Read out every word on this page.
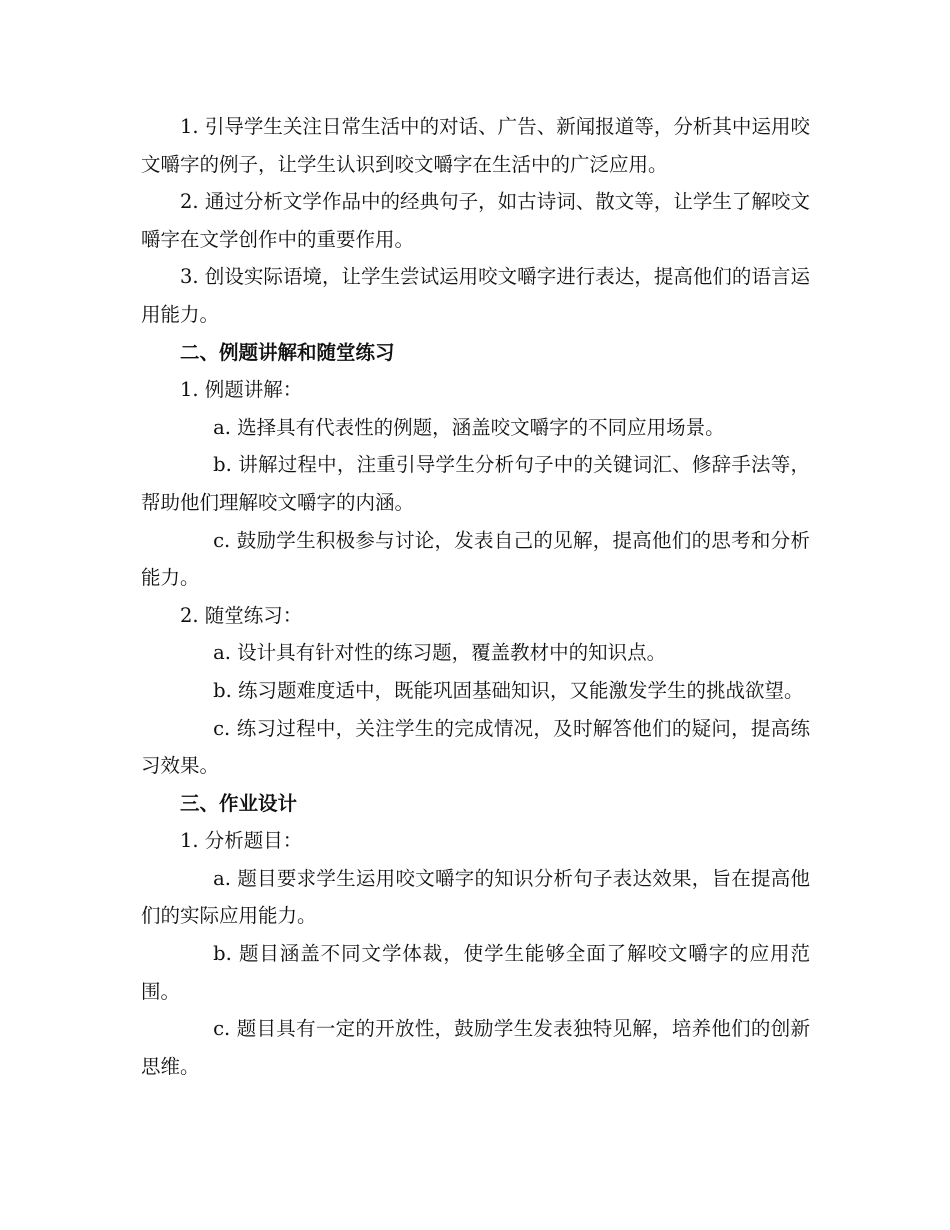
1. 引导学生关注日常生活中的对话、广告、新闻报道等，分析其中运用咬文嚼字的例子，让学生认识到咬文嚼字在生活中的广泛应用。

2. 通过分析文学作品中的经典句子，如古诗词、散文等，让学生了解咬文嚼字在文学创作中的重要作用。

3. 创设实际语境，让学生尝试运用咬文嚼字进行表达，提高他们的语言运用能力。

二、例题讲解和随堂练习

1. 例题讲解：

a. 选择具有代表性的例题，涵盖咬文嚼字的不同应用场景。

b. 讲解过程中，注重引导学生分析句子中的关键词汇、修辞手法等，帮助他们理解咬文嚼字的内涵。

c. 鼓励学生积极参与讨论，发表自己的见解，提高他们的思考和分析能力。

2. 随堂练习：

a. 设计具有针对性的练习题，覆盖教材中的知识点。

b. 练习题难度适中，既能巩固基础知识，又能激发学生的挑战欲望。

c. 练习过程中，关注学生的完成情况，及时解答他们的疑问，提高练习效果。

三、作业设计

1. 分析题目：

a. 题目要求学生运用咬文嚼字的知识分析句子表达效果，旨在提高他们的实际应用能力。

b. 题目涵盖不同文学体裁，使学生能够全面了解咬文嚼字的应用范围。

c. 题目具有一定的开放性，鼓励学生发表独特见解，培养他们的创新思维。
